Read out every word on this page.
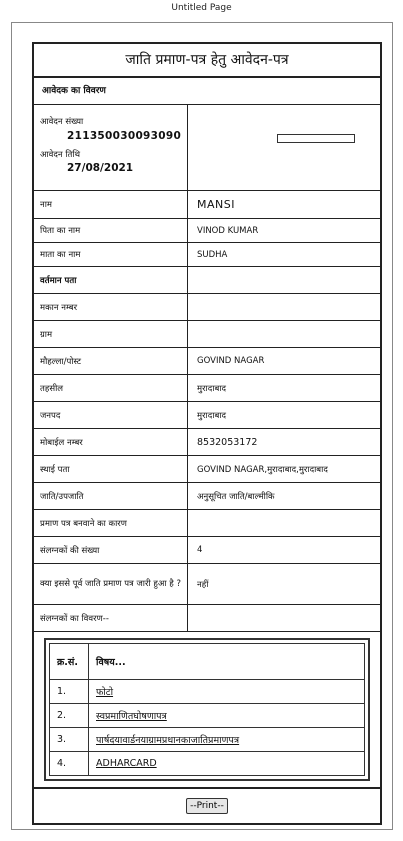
Untitled Page
जाति प्रमाण-पत्र हेतु आवेदन-पत्र
आवेदक का विवरण
आवेदन संख्या
211350030093090
आवेदन तिथि
27/08/2021
नाम	MANSI
पिता का नाम	VINOD KUMAR
माता का नाम	SUDHA
वर्तमान पता
मकान नम्बर
ग्राम
मौहल्ला/पोस्ट	GOVIND NAGAR
तहसील	मुरादाबाद
जनपद	मुरादाबाद
मोबाईल नम्बर	8532053172
स्थाई पता	GOVIND NAGAR,मुरादाबाद,मुरादाबाद
जाति/उपजाति	अनुसूचित जाति/बाल्मीकि
प्रमाण पत्र बनवाने का कारण
संलग्नकों की संख्या	4
क्या इससे पूर्व जाति प्रमाण पत्र जारी हुआ है ?	नहीं
संलग्नकों का विवरण--
क्र.सं.	विषय...
1.	फोटो
2.	स्वप्रमाणितघोषणापत्र
3.	पार्षदयावार्डनयाग्रामप्रधानकाजातिप्रमाणपत्र
4.	ADHARCARD
--Print--
